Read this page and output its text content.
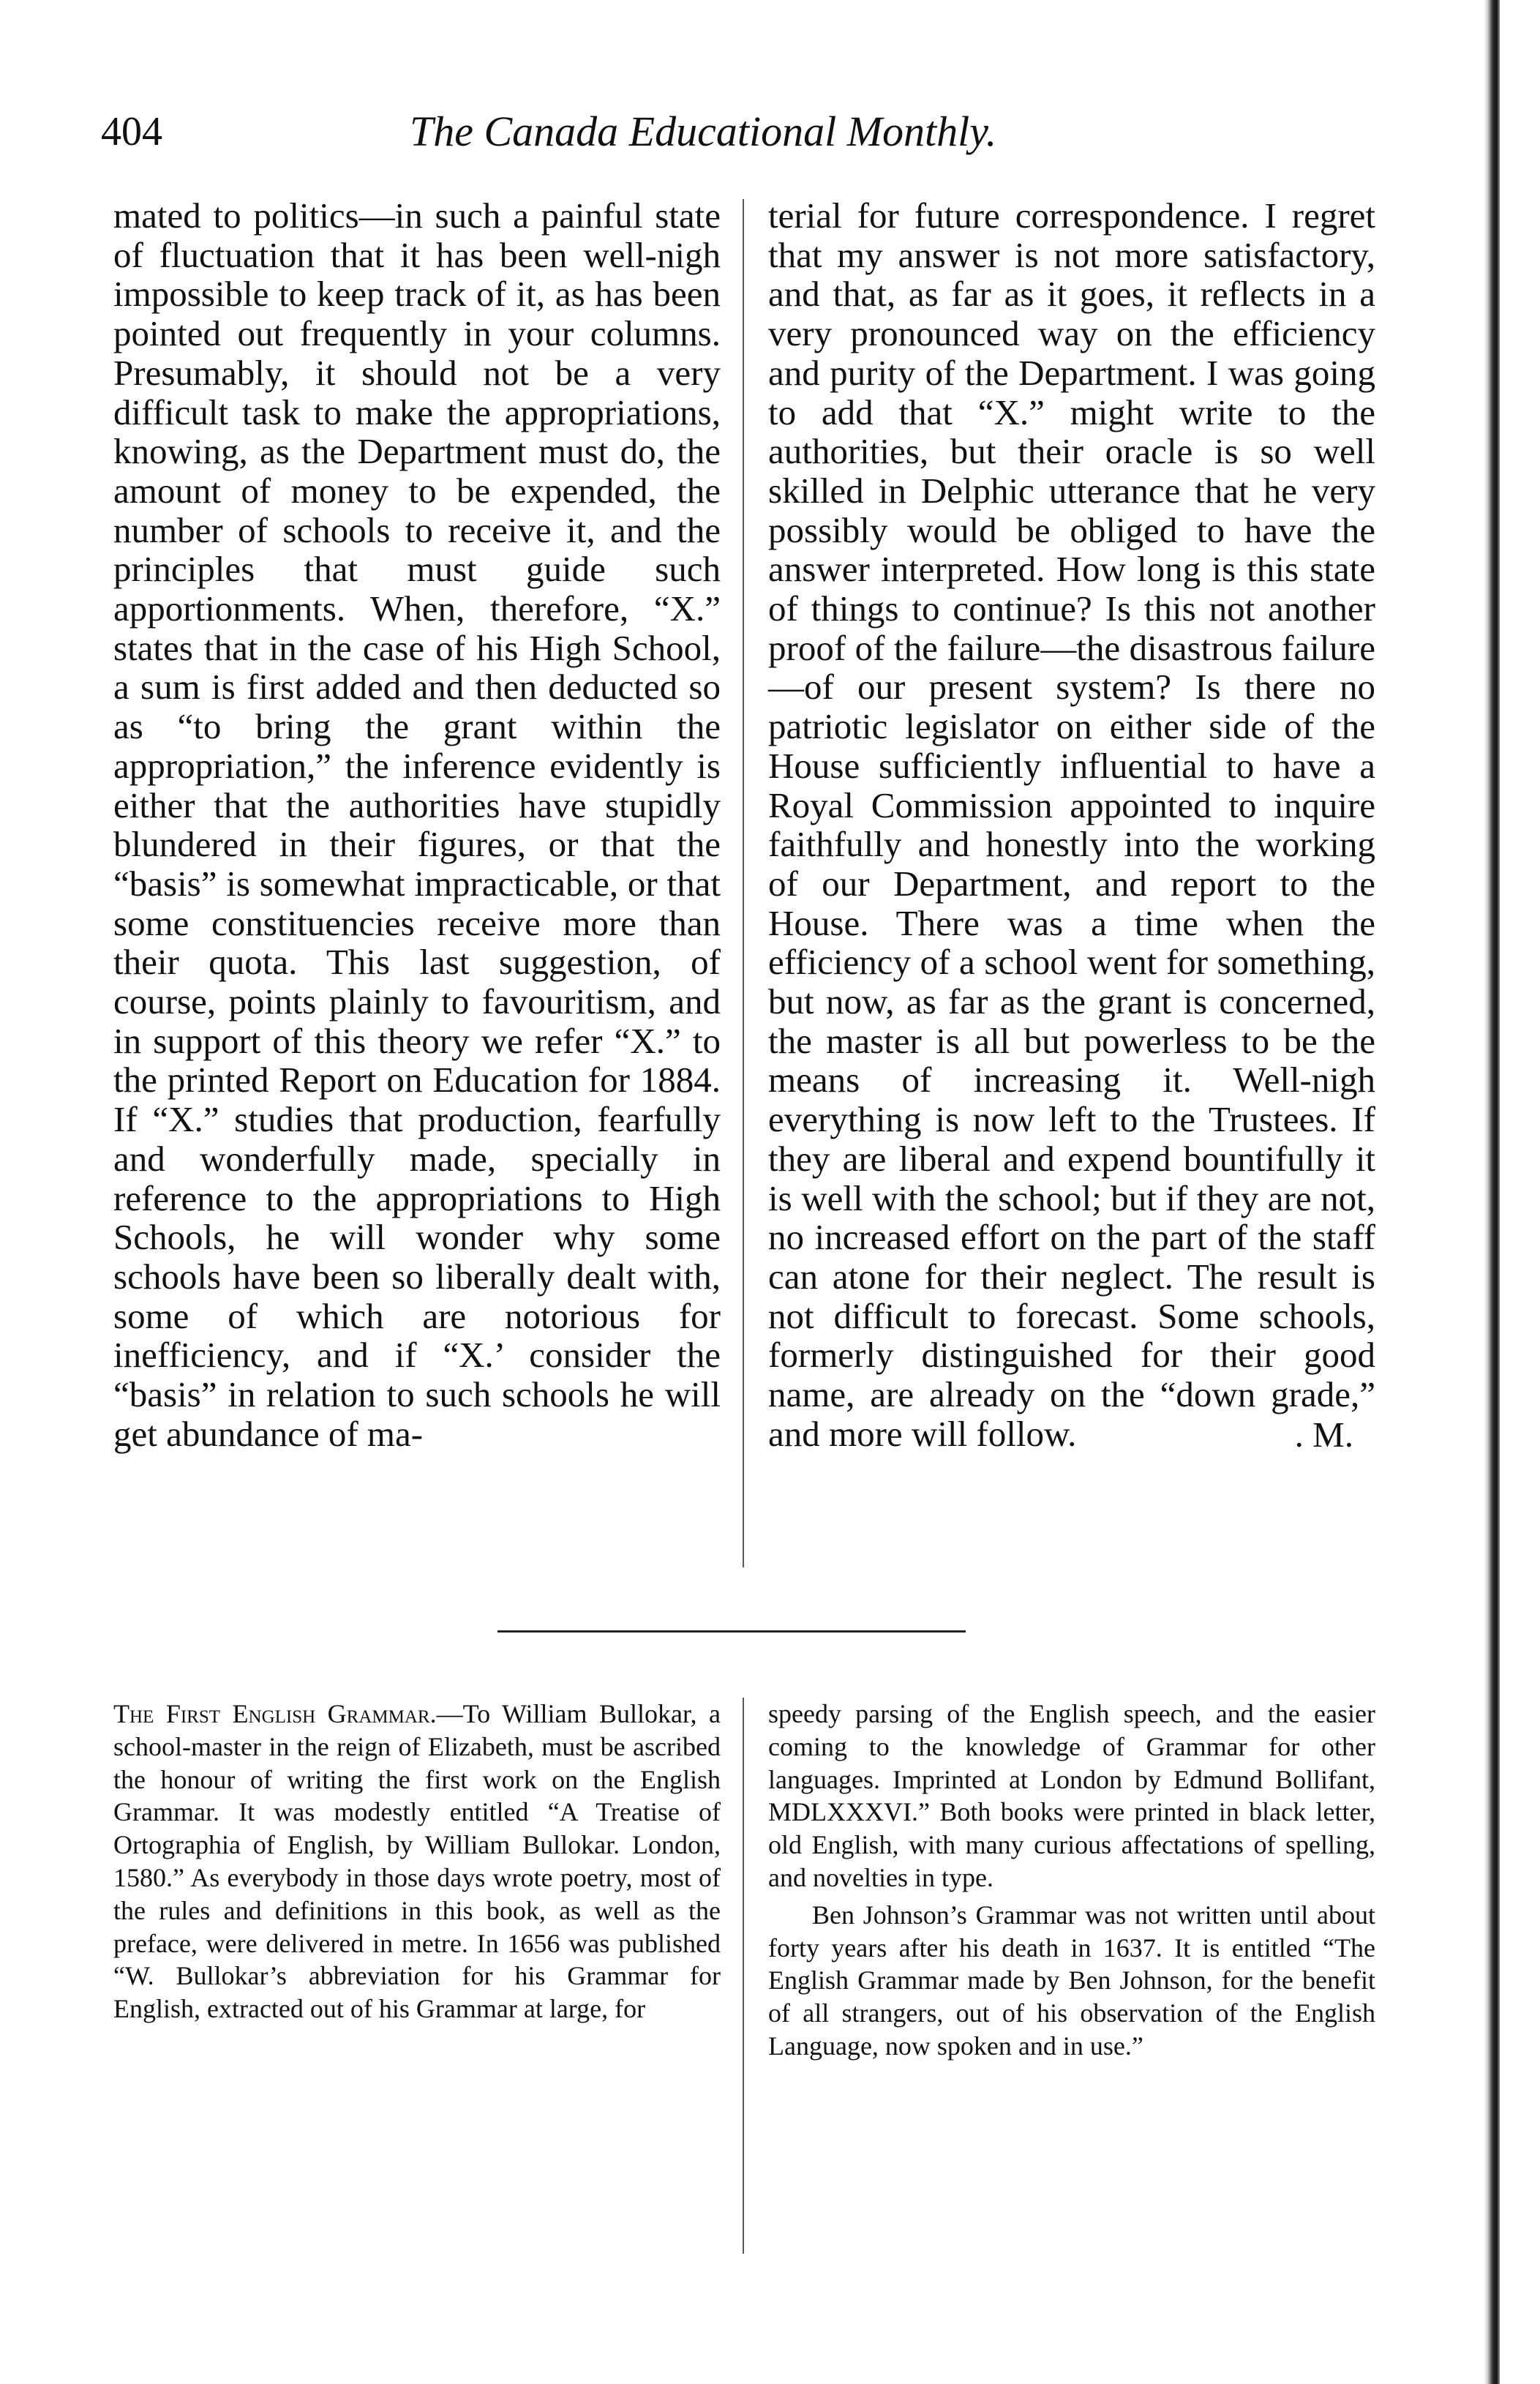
404	The Canada Educational Monthly.

mated to politics—in such a painful state of fluctuation that it has been well-nigh impossible to keep track of it, as has been pointed out frequently in your columns. Presumably, it should not be a very difficult task to make the appropriations, knowing, as the Department must do, the amount of money to be expended, the number of schools to receive it, and the principles that must guide such apportionments. When, therefore, “X.” states that in the case of his High School, a sum is first added and then deducted so as “to bring the grant within the appropriation,” the inference evidently is either that the authorities have stupidly blundered in their figures, or that the “basis” is somewhat impracticable, or that some constituencies receive more than their quota. This last suggestion, of course, points plainly to favouritism, and in support of this theory we refer “X.” to the printed Report on Education for 1884. If “X.” studies that production, fearfully and wonderfully made, specially in reference to the appropriations to High Schools, he will wonder why some schools have been so liberally dealt with, some of which are notorious for inefficiency, and if “X.’ consider the “basis” in relation to such schools he will get abundance of ma-

terial for future correspondence. I regret that my answer is not more satisfactory, and that, as far as it goes, it reflects in a very pronounced way on the efficiency and purity of the Department. I was going to add that “X.” might write to the authorities, but their oracle is so well skilled in Delphic utterance that he very possibly would be obliged to have the answer interpreted. How long is this state of things to continue? Is this not another proof of the failure—the disastrous failure—of our present system? Is there no patriotic legislator on either side of the House sufficiently influential to have a Royal Commission appointed to inquire faithfully and honestly into the working of our Department, and report to the House. There was a time when the efficiency of a school went for something, but now, as far as the grant is concerned, the master is all but powerless to be the means of increasing it. Well-nigh everything is now left to the Trustees. If they are liberal and expend bountifully it is well with the school; but if they are not, no increased effort on the part of the staff can atone for their neglect. The result is not difficult to forecast. Some schools, formerly distinguished for their good name, are already on the “down grade,” and more will follow.	. M.

The First English Grammar.—To William Bullokar, a school-master in the reign of Elizabeth, must be ascribed the honour of writing the first work on the English Grammar. It was modestly entitled “A Treatise of Ortographia of English, by William Bullokar. London, 1580.” As everybody in those days wrote poetry, most of the rules and definitions in this book, as well as the preface, were delivered in metre. In 1656 was published “W. Bullokar’s abbreviation for his Grammar for English, extracted out of his Grammar at large, for

speedy parsing of the English speech, and the easier coming to the knowledge of Grammar for other languages. Imprinted at London by Edmund Bollifant, MDLXXXVI.” Both books were printed in black letter, old English, with many curious affectations of spelling, and novelties in type.

Ben Johnson’s Grammar was not written until about forty years after his death in 1637. It is entitled “The English Grammar made by Ben Johnson, for the benefit of all strangers, out of his observation of the English Language, now spoken and in use.”
